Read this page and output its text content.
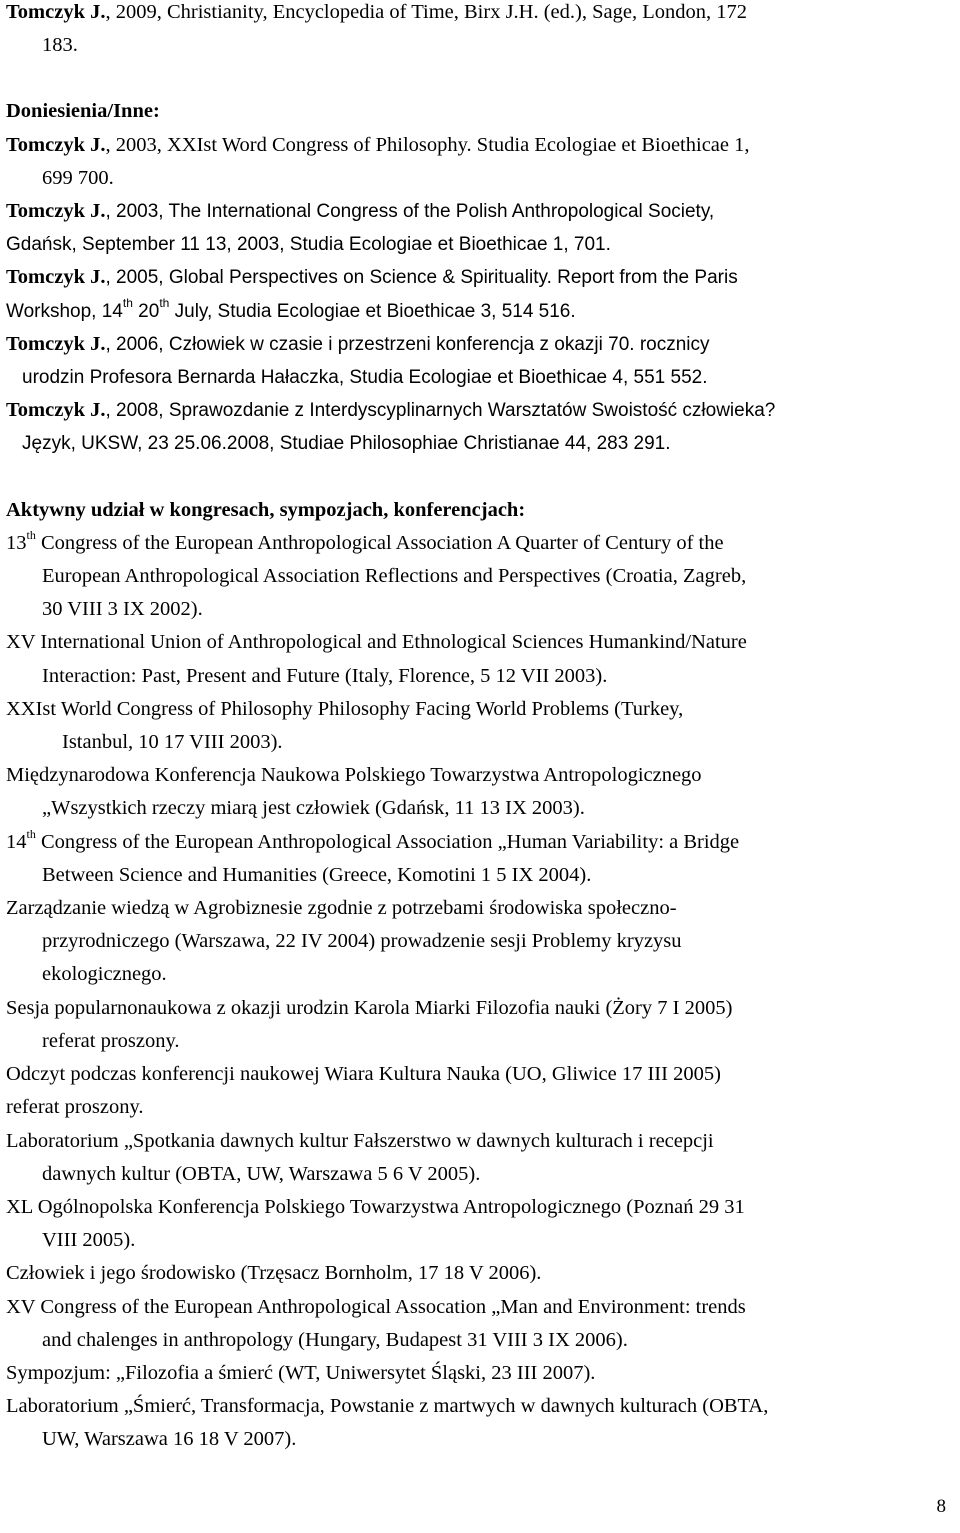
Tomczyk J., 2009, Christianity, Encyclopedia of Time, Birx J.H. (ed.), Sage, London, 172
183.
Doniesienia/Inne:
Tomczyk J., 2003, XXIst Word Congress of Philosophy. Studia Ecologiae et Bioethicae 1,
699 700.
Tomczyk J., 2003, The International Congress of the Polish Anthropological Society,
Gdańsk, September 11 13, 2003, Studia Ecologiae et Bioethicae 1, 701.
Tomczyk J., 2005, Global Perspectives on Science & Spirituality. Report from the Paris
Workshop, 14th 20th July, Studia Ecologiae et Bioethicae 3, 514 516.
Tomczyk J., 2006, Człowiek w czasie i przestrzeni konferencja z okazji 70. rocznicy
urodzin Profesora Bernarda Hałaczka, Studia Ecologiae et Bioethicae 4, 551 552.
Tomczyk J., 2008, Sprawozdanie z Interdyscyplinarnych Warsztatów Swoistość człowieka?
Język, UKSW, 23 25.06.2008, Studiae Philosophiae Christianae 44, 283 291.
Aktywny udział w kongresach, sympozjach, konferencjach:
13th Congress of the European Anthropological Association A Quarter of Century of the
European Anthropological Association Reflections and Perspectives (Croatia, Zagreb,
30 VIII 3 IX 2002).
XV International Union of Anthropological and Ethnological Sciences Humankind/Nature
Interaction: Past, Present and Future (Italy, Florence, 5 12 VII 2003).
XXIst World Congress of Philosophy Philosophy Facing World Problems (Turkey,
Istanbul, 10 17 VIII 2003).
Międzynarodowa Konferencja Naukowa Polskiego Towarzystwa Antropologicznego
„Wszystkich rzeczy miarą jest człowiek (Gdańsk, 11 13 IX 2003).
14th Congress of the European Anthropological Association „Human Variability: a Bridge
Between Science and Humanities (Greece, Komotini 1 5 IX 2004).
Zarządzanie wiedzą w Agrobiznesie zgodnie z potrzebami środowiska społeczno-
przyrodniczego (Warszawa, 22 IV 2004) prowadzenie sesji Problemy kryzysu
ekologicznego.
Sesja popularnonaukowa z okazji urodzin Karola Miarki Filozofia nauki (Żory 7 I 2005)
referat proszony.
Odczyt podczas konferencji naukowej Wiara Kultura Nauka (UO, Gliwice 17 III 2005)
referat proszony.
Laboratorium „Spotkania dawnych kultur Fałszerstwo w dawnych kulturach i recepcji
dawnych kultur (OBTA, UW, Warszawa 5 6 V 2005).
XL Ogólnopolska Konferencja Polskiego Towarzystwa Antropologicznego (Poznań 29 31
VIII 2005).
Człowiek i jego środowisko (Trzęsacz Bornholm, 17 18 V 2006).
XV Congress of the European Anthropological Assocation „Man and Environment: trends
and chalenges in anthropology (Hungary, Budapest 31 VIII 3 IX 2006).
Sympozjum: „Filozofia a śmierć (WT, Uniwersytet Śląski, 23 III 2007).
Laboratorium „Śmierć, Transformacja, Powstanie z martwych w dawnych kulturach (OBTA,
UW, Warszawa 16 18 V 2007).
8
